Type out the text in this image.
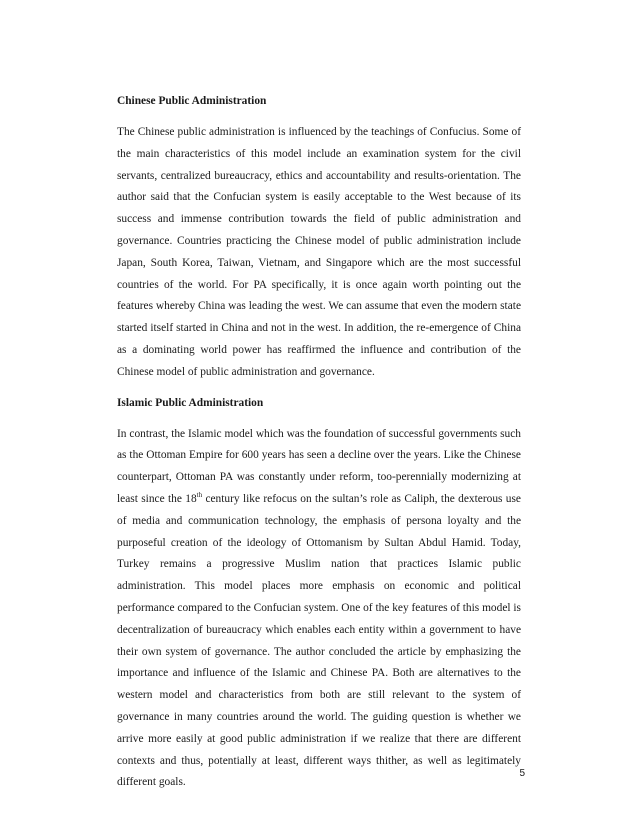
Chinese Public Administration

The Chinese public administration is influenced by the teachings of Confucius. Some of the main characteristics of this model include an examination system for the civil servants, centralized bureaucracy, ethics and accountability and results-orientation. The author said that the Confucian system is easily acceptable to the West because of its success and immense contribution towards the field of public administration and governance. Countries practicing the Chinese model of public administration include Japan, South Korea, Taiwan, Vietnam, and Singapore which are the most successful countries of the world. For PA specifically, it is once again worth pointing out the features whereby China was leading the west. We can assume that even the modern state started itself started in China and not in the west. In addition, the re-emergence of China as a dominating world power has reaffirmed the influence and contribution of the Chinese model of public administration and governance.

Islamic Public Administration

In contrast, the Islamic model which was the foundation of successful governments such as the Ottoman Empire for 600 years has seen a decline over the years. Like the Chinese counterpart, Ottoman PA was constantly under reform, too-perennially modernizing at least since the 18th century like refocus on the sultan’s role as Caliph, the dexterous use of media and communication technology, the emphasis of persona loyalty and the purposeful creation of the ideology of Ottomanism by Sultan Abdul Hamid. Today, Turkey remains a progressive Muslim nation that practices Islamic public administration. This model places more emphasis on economic and political performance compared to the Confucian system. One of the key features of this model is decentralization of bureaucracy which enables each entity within a government to have their own system of governance. The author concluded the article by emphasizing the importance and influence of the Islamic and Chinese PA. Both are alternatives to the western model and characteristics from both are still relevant to the system of governance in many countries around the world. The guiding question is whether we arrive more easily at good public administration if we realize that there are different contexts and thus, potentially at least, different ways thither, as well as legitimately different goals.

5
